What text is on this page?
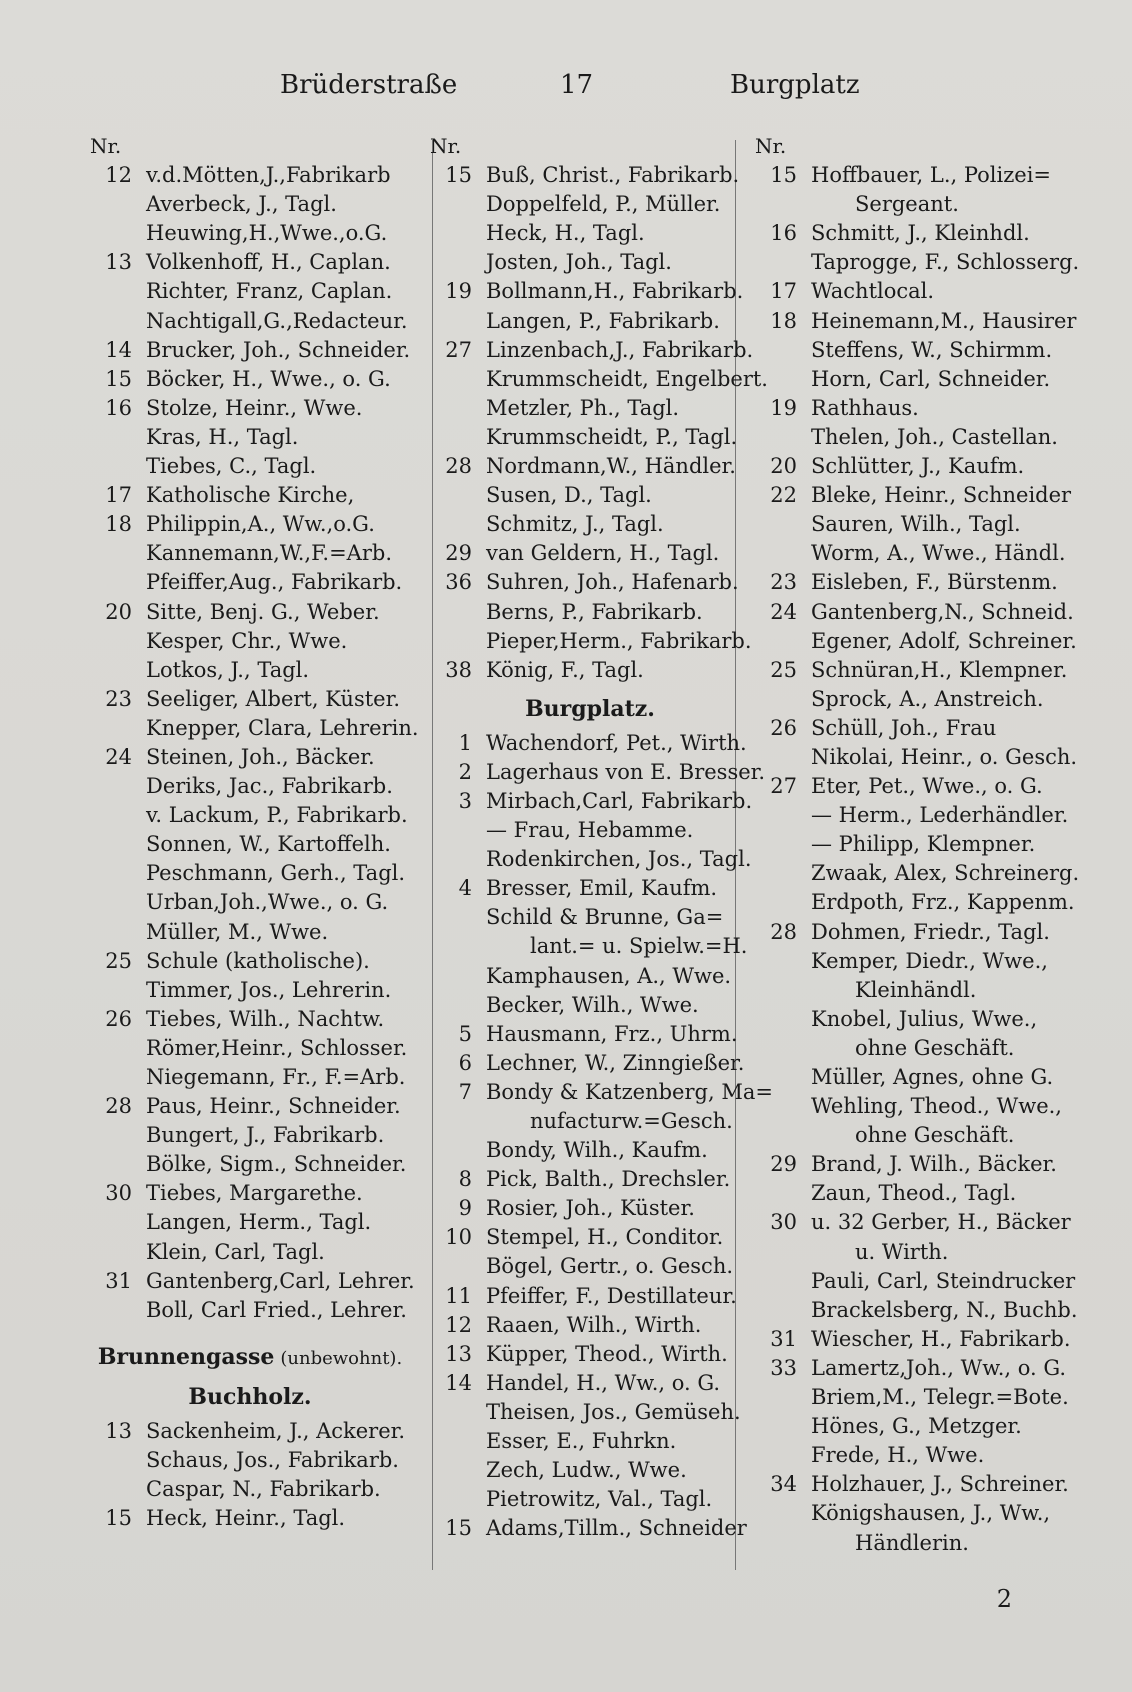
Brüderstraße	17	Burgplatz
Nr.
12 v.d.Mötten,J.,Fabrikarb
Averbeck, J., Tagl.
Heuwing,H.,Wwe.,o.G.
13 Volkenhoff, H., Caplan.
Richter, Franz, Caplan.
Nachtigall,G.,Redacteur.
14 Brucker, Joh., Schneider.
15 Böcker, H., Wwe., o. G.
16 Stolze, Heinr., Wwe.
Kras, H., Tagl.
Tiebes, C., Tagl.
17 Katholische Kirche,
18 Philippin,A., Ww.,o.G.
Kannemann,W.,F.=Arb.
Pfeiffer,Aug., Fabrikarb.
20 Sitte, Benj. G., Weber.
Kesper, Chr., Wwe.
Lotkos, J., Tagl.
23 Seeliger, Albert, Küster.
Knepper, Clara, Lehrerin.
24 Steinen, Joh., Bäcker.
Deriks, Jac., Fabrikarb.
v. Lackum, P., Fabrikarb.
Sonnen, W., Kartoffelh.
Peschmann, Gerh., Tagl.
Urban,Joh.,Wwe., o. G.
Müller, M., Wwe.
25 Schule (katholische).
Timmer, Jos., Lehrerin.
26 Tiebes, Wilh., Nachtw.
Römer,Heinr., Schlosser.
Niegemann, Fr., F.=Arb.
28 Paus, Heinr., Schneider.
Bungert, J., Fabrikarb.
Bölke, Sigm., Schneider.
30 Tiebes, Margarethe.
Langen, Herm., Tagl.
Klein, Carl, Tagl.
31 Gantenberg,Carl, Lehrer.
Boll, Carl Fried., Lehrer.
Brunnengasse (unbewohnt).
Buchholz.
13 Sackenheim, J., Ackerer.
Schaus, Jos., Fabrikarb.
Caspar, N., Fabrikarb.
15 Heck, Heinr., Tagl.
Nr.
15 Buß, Christ., Fabrikarb.
Doppelfeld, P., Müller.
Heck, H., Tagl.
Josten, Joh., Tagl.
19 Bollmann,H., Fabrikarb.
Langen, P., Fabrikarb.
27 Linzenbach,J., Fabrikarb.
Krummscheidt, Engelbert.
Metzler, Ph., Tagl.
Krummscheidt, P., Tagl.
28 Nordmann,W., Händler.
Susen, D., Tagl.
Schmitz, J., Tagl.
29 van Geldern, H., Tagl.
36 Suhren, Joh., Hafenarb.
Berns, P., Fabrikarb.
Pieper,Herm., Fabrikarb.
38 König, F., Tagl.
Burgplatz.
1 Wachendorf, Pet., Wirth.
2 Lagerhaus von E. Bresser.
3 Mirbach,Carl, Fabrikarb.
— Frau, Hebamme.
Rodenkirchen, Jos., Tagl.
4 Bresser, Emil, Kaufm.
Schild & Brunne, Ga=
lant.= u. Spielw.=H.
Kamphausen, A., Wwe.
Becker, Wilh., Wwe.
5 Hausmann, Frz., Uhrm.
6 Lechner, W., Zinngießer.
7 Bondy & Katzenberg, Ma=
nufacturw.=Gesch.
Bondy, Wilh., Kaufm.
8 Pick, Balth., Drechsler.
9 Rosier, Joh., Küster.
10 Stempel, H., Conditor.
Bögel, Gertr., o. Gesch.
11 Pfeiffer, F., Destillateur.
12 Raaen, Wilh., Wirth.
13 Küpper, Theod., Wirth.
14 Handel, H., Ww., o. G.
Theisen, Jos., Gemüseh.
Esser, E., Fuhrkn.
Zech, Ludw., Wwe.
Pietrowitz, Val., Tagl.
15 Adams,Tillm., Schneider
Nr.
15 Hoffbauer, L., Polizei=
Sergeant.
16 Schmitt, J., Kleinhdl.
Taprogge, F., Schlosserg.
17 Wachtlocal.
18 Heinemann,M., Hausirer
Steffens, W., Schirmm.
Horn, Carl, Schneider.
19 Rathhaus.
Thelen, Joh., Castellan.
20 Schlütter, J., Kaufm.
22 Bleke, Heinr., Schneider
Sauren, Wilh., Tagl.
Worm, A., Wwe., Händl.
23 Eisleben, F., Bürstenm.
24 Gantenberg,N., Schneid.
Egener, Adolf, Schreiner.
25 Schnüran,H., Klempner.
Sprock, A., Anstreich.
26 Schüll, Joh., Frau
Nikolai, Heinr., o. Gesch.
27 Eter, Pet., Wwe., o. G.
— Herm., Lederhändler.
— Philipp, Klempner.
Zwaak, Alex, Schreinerg.
Erdpoth, Frz., Kappenm.
28 Dohmen, Friedr., Tagl.
Kemper, Diedr., Wwe.,
Kleinhändl.
Knobel, Julius, Wwe.,
ohne Geschäft.
Müller, Agnes, ohne G.
Wehling, Theod., Wwe.,
ohne Geschäft.
29 Brand, J. Wilh., Bäcker.
Zaun, Theod., Tagl.
30 u. 32 Gerber, H., Bäcker
u. Wirth.
Pauli, Carl, Steindrucker
Brackelsberg, N., Buchb.
31 Wiescher, H., Fabrikarb.
33 Lamertz,Joh., Ww., o. G.
Briem,M., Telegr.=Bote.
Hönes, G., Metzger.
Frede, H., Wwe.
34 Holzhauer, J., Schreiner.
Königshausen, J., Ww.,
Händlerin.
2
